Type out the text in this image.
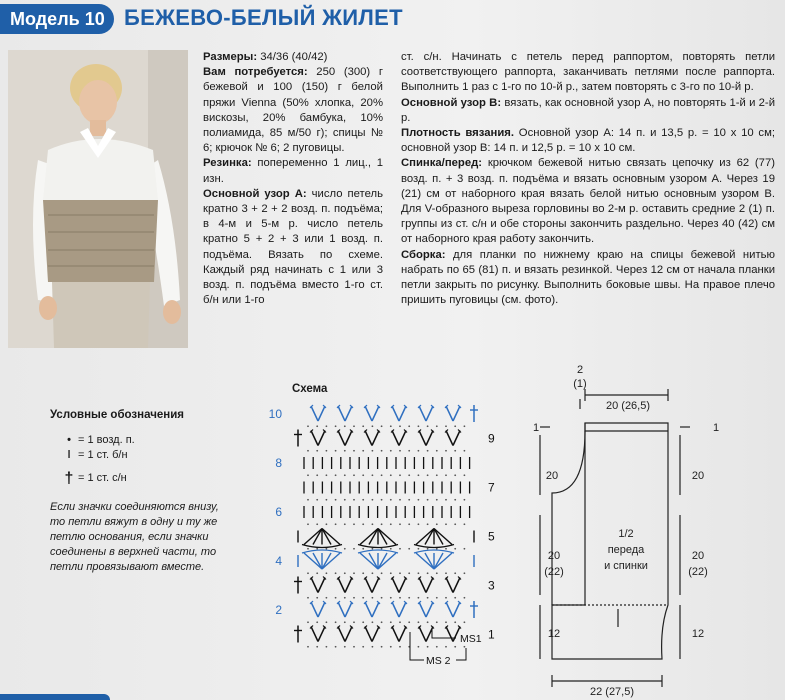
Модель 10 БЕЖЕВО-БЕЛЫЙ ЖИЛЕТ
Размеры: 34/36 (40/42)
Вам потребуется: 250 (300) г бежевой и 100 (150) г белой пряжи Vienna (50% хлопка, 20% вискозы, 20% бамбука, 10% полиамида, 85 м/50 г); спицы № 6; крючок № 6; 2 пуговицы.
Резинка: попеременно 1 лиц., 1 изн.
Основной узор А: число петель кратно 3 + 2 + 2 возд. п. подъёма; в 4-м и 5-м р. число петель кратно 5 + 2 + 3 или 1 возд. п. подъёма. Вязать по схеме. Каждый ряд начинать с 1 или 3 возд. п. подъёма вместо 1-го ст. б/н или 1-го
ст. с/н. Начинать с петель перед раппортом, повторять петли соответствующего раппорта, заканчивать петлями после раппорта. Выполнить 1 раз с 1-го по 10-й р., затем повторять с 3-го по 10-й р.
Основной узор В: вязать, как основной узор А, но повторять 1-й и 2-й р.
Плотность вязания. Основной узор А: 14 п. и 13,5 р. = 10 х 10 см; основной узор В: 14 п. и 12,5 р. = 10 х 10 см.
Спинка/перед: крючком бежевой нитью связать цепочку из 62 (77) возд. п. + 3 возд. п. подъёма и вязать основным узором А. Через 19 (21) см от наборного края вязать белой нитью основным узором В. Для V-образного выреза горловины во 2-м р. оставить средние 2 (1) п. группы из ст. с/н и обе стороны закончить раздельно. Через 40 (42) см от наборного края работу закончить.
Сборка: для планки по нижнему краю на спицы бежевой нитью набрать по 65 (81) п. и вязать резинкой. Через 12 см от начала планки петли закрыть по рисунку. Выполнить боковые швы. На правое плечо пришить пуговицы (см. фото).
Условные обозначения
• = 1 возд. п.
ǀ = 1 ст. б/н
† = 1 ст. с/н
Если значки соединяются внизу, то петли вяжут в одну и ту же петлю основания, если значки соединены в верхней части, то петли провязывают вместе.
Схема
10
8
6
4
2
9
7
5
3
1
MS1
MS 2
2
(1)
20 (26,5)
1	1
20	20
20
(22)
20
(22)
1/2
переда
и спинки
12	12
22 (27,5)
